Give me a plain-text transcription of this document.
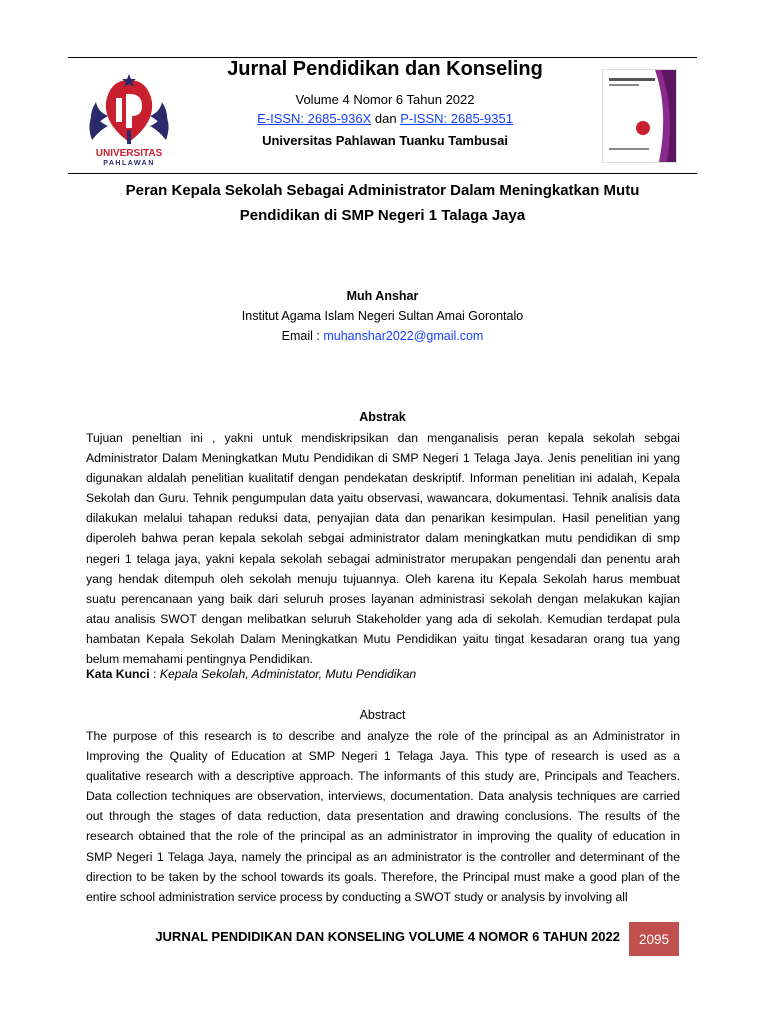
UNIVERSITAS
PAHLAWAN
Jurnal Pendidikan dan Konseling
Volume 4 Nomor 6 Tahun 2022
E-ISSN: 2685-936X dan P-ISSN: 2685-9351
Universitas Pahlawan Tuanku Tambusai
Peran Kepala Sekolah Sebagai Administrator Dalam Meningkatkan Mutu
Pendidikan di SMP Negeri 1 Talaga Jaya
Muh Anshar
Institut Agama Islam Negeri Sultan Amai Gorontalo
Email : muhanshar2022@gmail.com
Abstrak
Tujuan peneltian ini , yakni untuk mendiskripsikan dan menganalisis peran kepala sekolah sebgai Administrator Dalam Meningkatkan Mutu Pendidikan di SMP Negeri 1 Telaga Jaya. Jenis penelitian ini yang digunakan aldalah penelitian kualitatif dengan pendekatan deskriptif. Informan penelitian ini adalah, Kepala Sekolah dan Guru. Tehnik pengumpulan data yaitu observasi, wawancara, dokumentasi. Tehnik analisis data dilakukan melalui tahapan reduksi data, penyajian data dan penarikan kesimpulan. Hasil penelitian yang diperoleh bahwa peran kepala sekolah sebgai administrator dalam meningkatkan mutu pendidikan di smp negeri 1 telaga jaya, yakni kepala sekolah sebagai administrator merupakan pengendali dan penentu arah yang hendak ditempuh oleh sekolah menuju tujuannya. Oleh karena itu Kepala Sekolah harus membuat suatu perencanaan yang baik dari seluruh proses layanan administrasi sekolah dengan melakukan kajian atau analisis SWOT dengan melibatkan seluruh Stakeholder yang ada di sekolah. Kemudian terdapat pula hambatan Kepala Sekolah Dalam Meningkatkan Mutu Pendidikan yaitu tingat kesadaran orang tua yang belum memahami pentingnya Pendidikan.
Kata Kunci : Kepala Sekolah, Administator, Mutu Pendidikan
Abstract
The purpose of this research is to describe and analyze the role of the principal as an Administrator in Improving the Quality of Education at SMP Negeri 1 Telaga Jaya. This type of research is used as a qualitative research with a descriptive approach. The informants of this study are, Principals and Teachers. Data collection techniques are observation, interviews, documentation. Data analysis techniques are carried out through the stages of data reduction, data presentation and drawing conclusions. The results of the research obtained that the role of the principal as an administrator in improving the quality of education in SMP Negeri 1 Telaga Jaya, namely the principal as an administrator is the controller and determinant of the direction to be taken by the school towards its goals. Therefore, the Principal must make a good plan of the entire school administration service process by conducting a SWOT study or analysis by involving all
JURNAL PENDIDIKAN DAN KONSELING VOLUME 4 NOMOR 6 TAHUN 2022 2095
